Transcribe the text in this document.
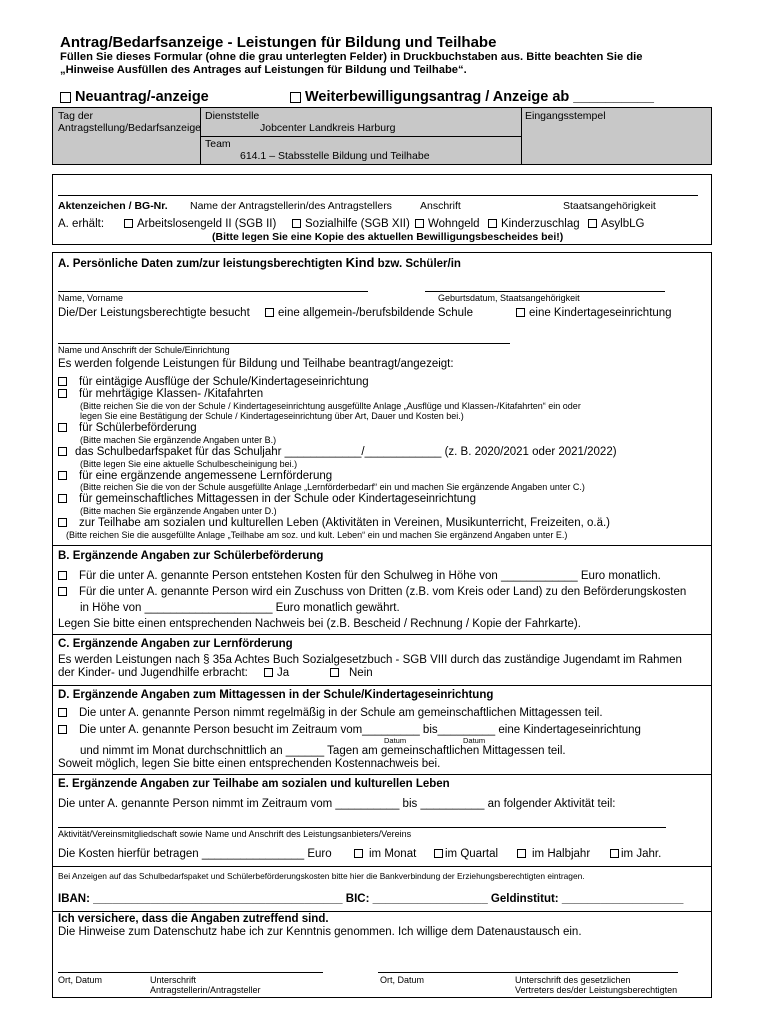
Antrag/Bedarfsanzeige - Leistungen für Bildung und Teilhabe
Füllen Sie dieses Formular (ohne die grau unterlegten Felder) in Druckbuchstaben aus. Bitte beachten Sie die
„Hinweise Ausfüllen des Antrages auf Leistungen für Bildung und Teilhabe“.
Neuantrag/-anzeige	Weiterbewilligungsantrag / Anzeige ab __________
Tag der
Antragstellung/Bedarfsanzeige
Dienststelle
Jobcenter Landkreis Harburg
Team
614.1 – Stabsstelle Bildung und Teilhabe
Eingangsstempel
Aktenzeichen / BG-Nr. Name der Antragstellerin/des Antragstellers	Anschrift	Staatsangehörigkeit
A. erhält:	Arbeitslosengeld II (SGB II)	Sozialhilfe (SGB XII)	Wohngeld	Kinderzuschlag	AsylbLG
(Bitte legen Sie eine Kopie des aktuellen Bewilligungsbescheides bei!)
A. Persönliche Daten zum/zur leistungsberechtigten Kind bzw. Schüler/in
Name, Vorname	Geburtsdatum, Staatsangehörigkeit
Die/Der Leistungsberechtigte besucht	eine allgemein-/berufsbildende Schule	eine Kindertageseinrichtung
Name und Anschrift der Schule/Einrichtung
Es werden folgende Leistungen für Bildung und Teilhabe beantragt/angezeigt:
für eintägige Ausflüge der Schule/Kindertageseinrichtung
für mehrtägige Klassen- /Kitafahrten
(Bitte reichen Sie die von der Schule / Kindertageseinrichtung ausgefüllte Anlage „Ausflüge und Klassen-/Kitafahrten“ ein oder
legen Sie eine Bestätigung der Schule / Kindertageseinrichtung über Art, Dauer und Kosten bei.)
für Schülerbeförderung
(Bitte machen Sie ergänzende Angaben unter B.)
das Schulbedarfspaket für das Schuljahr ____________/____________ (z. B. 2020/2021 oder 2021/2022)
(Bitte legen Sie eine aktuelle Schulbescheinigung bei.)
für eine ergänzende angemessene Lernförderung
(Bitte reichen Sie die von der Schule ausgefüllte Anlage „Lernförderbedarf“ ein und machen Sie ergänzende Angaben unter C.)
für gemeinschaftliches Mittagessen in der Schule oder Kindertageseinrichtung
(Bitte machen Sie ergänzende Angaben unter D.)
zur Teilhabe am sozialen und kulturellen Leben (Aktivitäten in Vereinen, Musikunterricht, Freizeiten, o.ä.)
(Bitte reichen Sie die ausgefüllte Anlage „Teilhabe am soz. und kult. Leben“ ein und machen Sie ergänzend Angaben unter E.)
B. Ergänzende Angaben zur Schülerbeförderung
Für die unter A. genannte Person entstehen Kosten für den Schulweg in Höhe von ____________ Euro monatlich.
Für die unter A. genannte Person wird ein Zuschuss von Dritten (z.B. vom Kreis oder Land) zu den Beförderungskosten
in Höhe von ____________________ Euro monatlich gewährt.
Legen Sie bitte einen entsprechenden Nachweis bei (z.B. Bescheid / Rechnung / Kopie der Fahrkarte).
C. Ergänzende Angaben zur Lernförderung
Es werden Leistungen nach § 35a Achtes Buch Sozialgesetzbuch - SGB VIII durch das zuständige Jugendamt im Rahmen
der Kinder- und Jugendhilfe erbracht:	Ja	Nein
D. Ergänzende Angaben zum Mittagessen in der Schule/Kindertageseinrichtung
Die unter A. genannte Person nimmt regelmäßig in der Schule am gemeinschaftlichen Mittagessen teil.
Die unter A. genannte Person besucht im Zeitraum vom_________ bis_________ eine Kindertageseinrichtung
Datum	Datum
und nimmt im Monat durchschnittlich an ______ Tagen am gemeinschaftlichen Mittagessen teil.
Soweit möglich, legen Sie bitte einen entsprechenden Kostennachweis bei.
E. Ergänzende Angaben zur Teilhabe am sozialen und kulturellen Leben
Die unter A. genannte Person nimmt im Zeitraum vom __________ bis __________ an folgender Aktivität teil:
Aktivität/Vereinsmitgliedschaft sowie Name und Anschrift des Leistungsanbieters/Vereins
Die Kosten hierfür betragen ________________ Euro	im Monat	im Quartal	im Halbjahr	im Jahr.
Bei Anzeigen auf das Schulbedarfspaket und Schülerbeförderungskosten bitte hier die Bankverbindung der Erziehungsberechtigten eintragen.
IBAN: _______________________________________ BIC: __________________ Geldinstitut: ___________________
Ich versichere, dass die Angaben zutreffend sind.
Die Hinweise zum Datenschutz habe ich zur Kenntnis genommen. Ich willige dem Datenaustausch ein.
Ort, Datum	Unterschrift
Antragstellerin/Antragsteller
Ort, Datum	Unterschrift des gesetzlichen
Vertreters des/der Leistungsberechtigten
